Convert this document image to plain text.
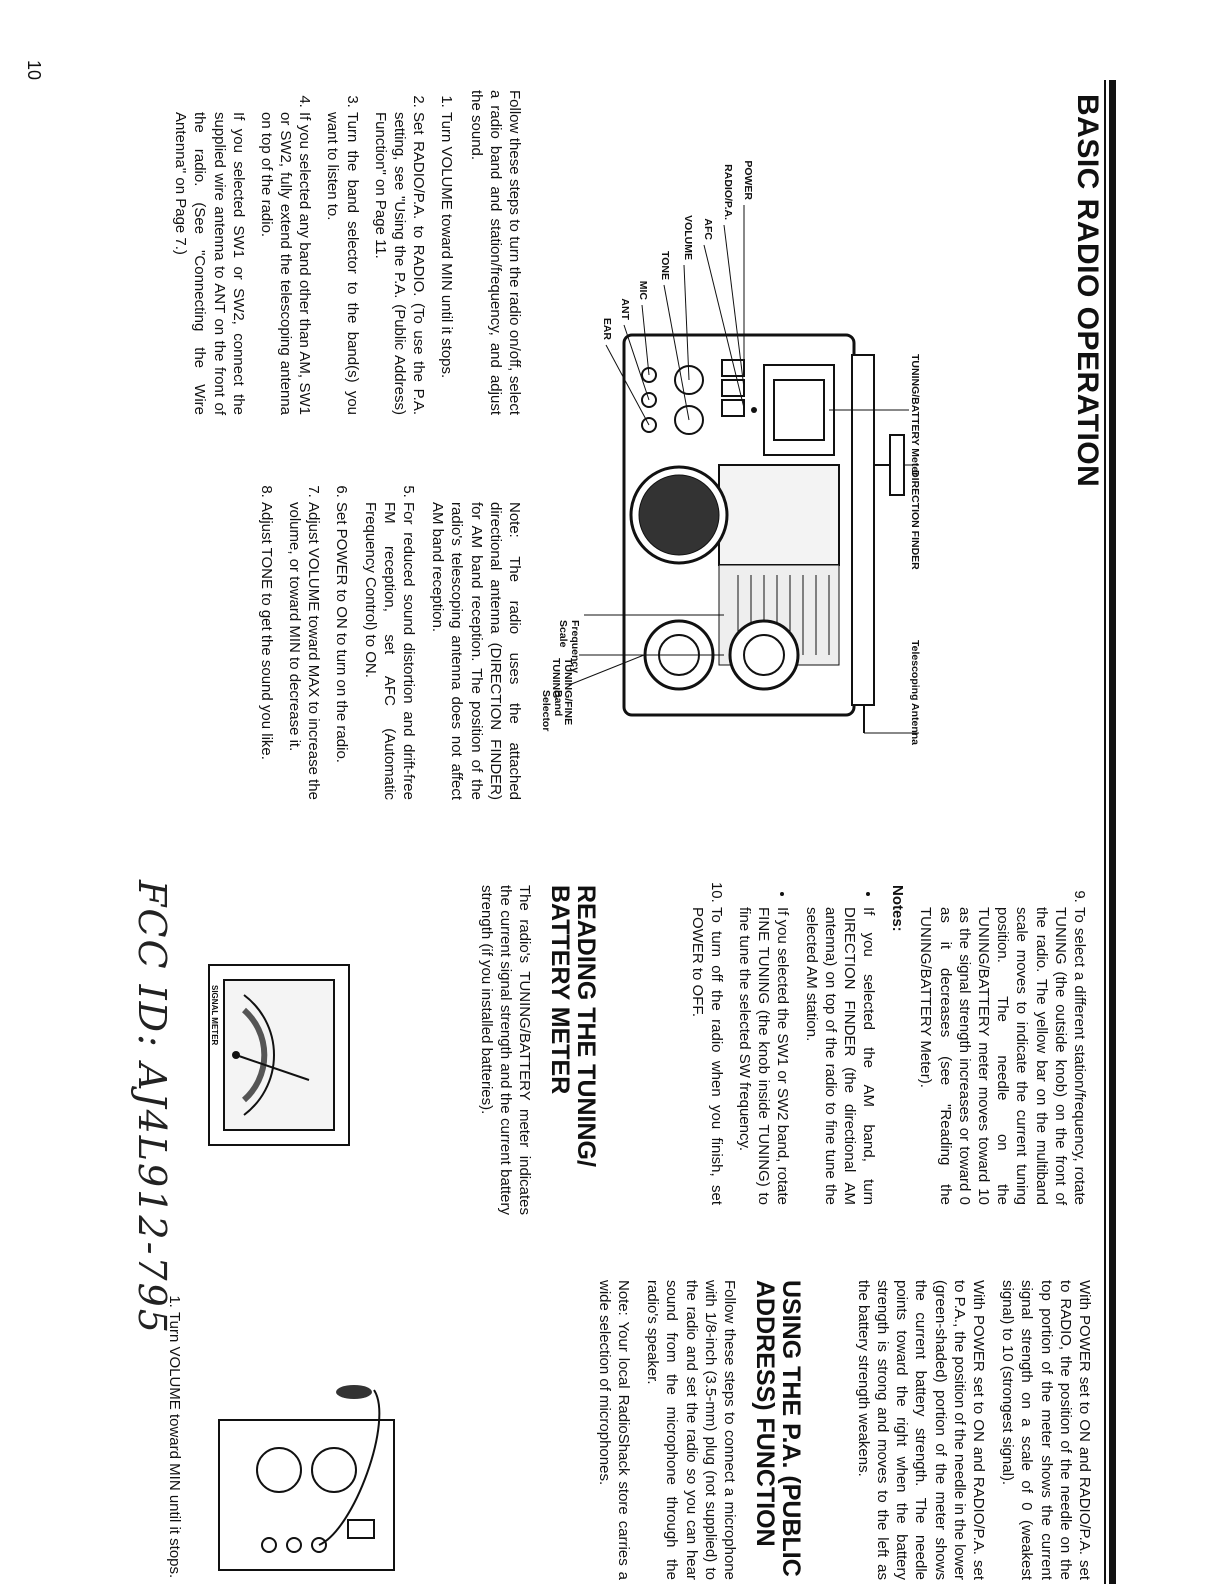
10
BASIC RADIO OPERATION
TUNING/BATTERY Meter
DIRECTION FINDER
Telescoping Antenna
POWER
RADIO/P.A.
AFC
VOLUME
TONE
MIC
ANT
EAR
Frequency Scale
TUNING/FINE TUNING
Band Selector

Follow these steps to turn the radio on/off, select a radio band and station/frequency, and adjust the sound.

1. Turn VOLUME toward MIN until it stops.
2. Set RADIO/P.A. to RADIO. (To use the P.A. setting, see "Using the P.A. (Public Address) Function" on Page 11.
3. Turn the band selector to the band(s) you want to listen to.
4. If you selected any band other than AM, SW1 or SW2, fully extend the telescoping antenna on top of the radio.

If you selected SW1 or SW2, connect the supplied wire antenna to ANT on the front of the radio. (See "Connecting the Wire Antenna" on Page 7.)

Note: The radio uses the attached directional antenna (DIRECTION FINDER) for AM band reception. The position of the radio's telescoping antenna does not affect AM band reception.

5. For reduced sound distortion and drift-free FM reception, set AFC (Automatic Frequency Control) to ON.
6. Set POWER to ON to turn on the radio.
7. Adjust VOLUME toward MAX to increase the volume, or toward MIN to decrease it.
8. Adjust TONE to get the sound you like.
9. To select a different station/frequency, rotate TUNING (the outside knob) on the front of the radio. The yellow bar on the multiband scale moves to indicate the current tuning position. The needle on the TUNING/BATTERY meter moves toward 10 as the signal strength increases or toward 0 as it decreases (see "Reading the TUNING/BATTERY Meter).

Notes:

• If you selected the AM band, turn DIRECTION FINDER (the directional AM antenna) on top of the radio to fine tune the selected AM station.
• If you selected the SW1 or SW2 band, rotate FINE TUNING (the knob inside TUNING) to fine tune the selected SW frequency.
10. To turn off the radio when you finish, set POWER to OFF.
READING THE TUNING/ BATTERY METER
The radio's TUNING/BATTERY meter indicates the current signal strength and the current battery strength (if you installed batteries).
SIGNAL METER
FCC ID: AJ4L912-795

With POWER set to ON and RADIO/P.A. set to RADIO, the position of the needle on the top portion of the meter shows the current signal strength on a scale of 0 (weakest signal) to 10 (strongest signal).

With POWER set to ON and RADIO/P.A. set to P.A., the position of the needle in the lower (green-shaded) portion of the meter shows the current battery strength. The needle points toward the right when the battery strength is strong and moves to the left as the battery strength weakens.

USING THE P.A. (PUBLIC ADDRESS) FUNCTION

Follow these steps to connect a microphone with 1/8-inch (3.5-mm) plug (not supplied) to the radio and set the radio so you can hear sound from the microphone through the radio's speaker.

Note: Your local RadioShack store carries a wide selection of microphones.

1. Turn VOLUME toward MIN until it stops.
